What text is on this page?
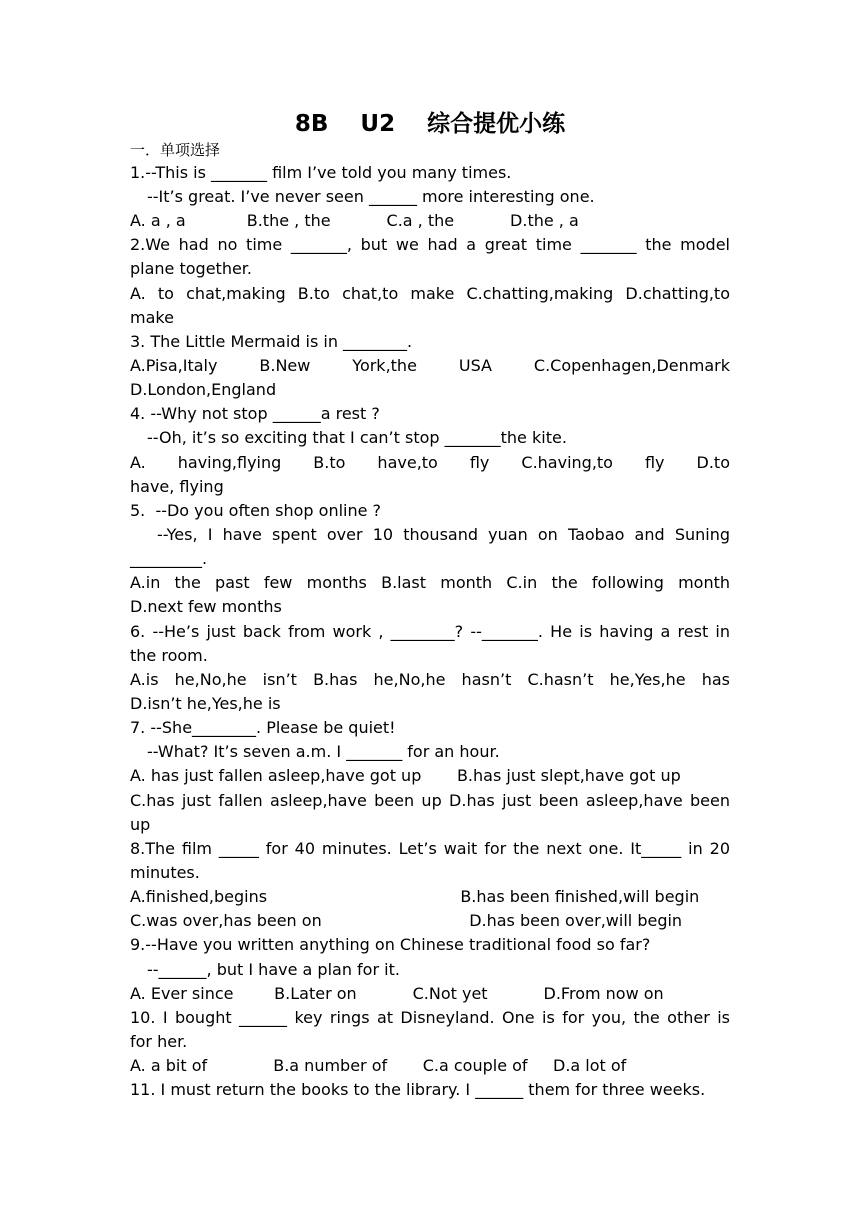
8B    U2    综合提优小练
一．单项选择
1.--This is _______ film I’ve told you many times.
--It’s great. I’ve never seen ______ more interesting one.
A. a , a            B.the , the           C.a , the           D.the , a
2.We had no time _______, but we had a great time _______ the model
plane together.
A. to chat,making B.to chat,to make C.chatting,making D.chatting,to
make
3. The Little Mermaid is in ________.
A.Pisa,Italy B.New York,the USA C.Copenhagen,Denmark
D.London,England
4. --Why not stop ______a rest ?
--Oh, it’s so exciting that I can’t stop _______the kite.
A. having,flying B.to have,to fly C.having,to fly D.to
have, flying
5.  --Do you often shop online ?
--Yes, I have spent over 10 thousand yuan on Taobao and Suning
_________.
A.in the past few months B.last month C.in the following month
D.next few months
6. --He’s just back from work , ________? --_______. He is having a rest in
the room.
A.is he,No,he isn’t B.has he,No,he hasn’t C.hasn’t he,Yes,he has
D.isn’t he,Yes,he is
7. --She________. Please be quiet!
--What? It’s seven a.m. I _______ for an hour.
A. has just fallen asleep,have got up       B.has just slept,have got up
C.has just fallen asleep,have been up D.has just been asleep,have been
up
8.The film _____ for 40 minutes. Let’s wait for the next one. It_____ in 20
minutes.
A.finished,begins                                      B.has been finished,will begin
C.was over,has been on                             D.has been over,will begin
9.--Have you written anything on Chinese traditional food so far?
--______, but I have a plan for it.
A. Ever since        B.Later on           C.Not yet           D.From now on
10. I bought ______ key rings at Disneyland. One is for you, the other is
for her.
A. a bit of             B.a number of       C.a couple of     D.a lot of
11. I must return the books to the library. I ______ them for three weeks.
